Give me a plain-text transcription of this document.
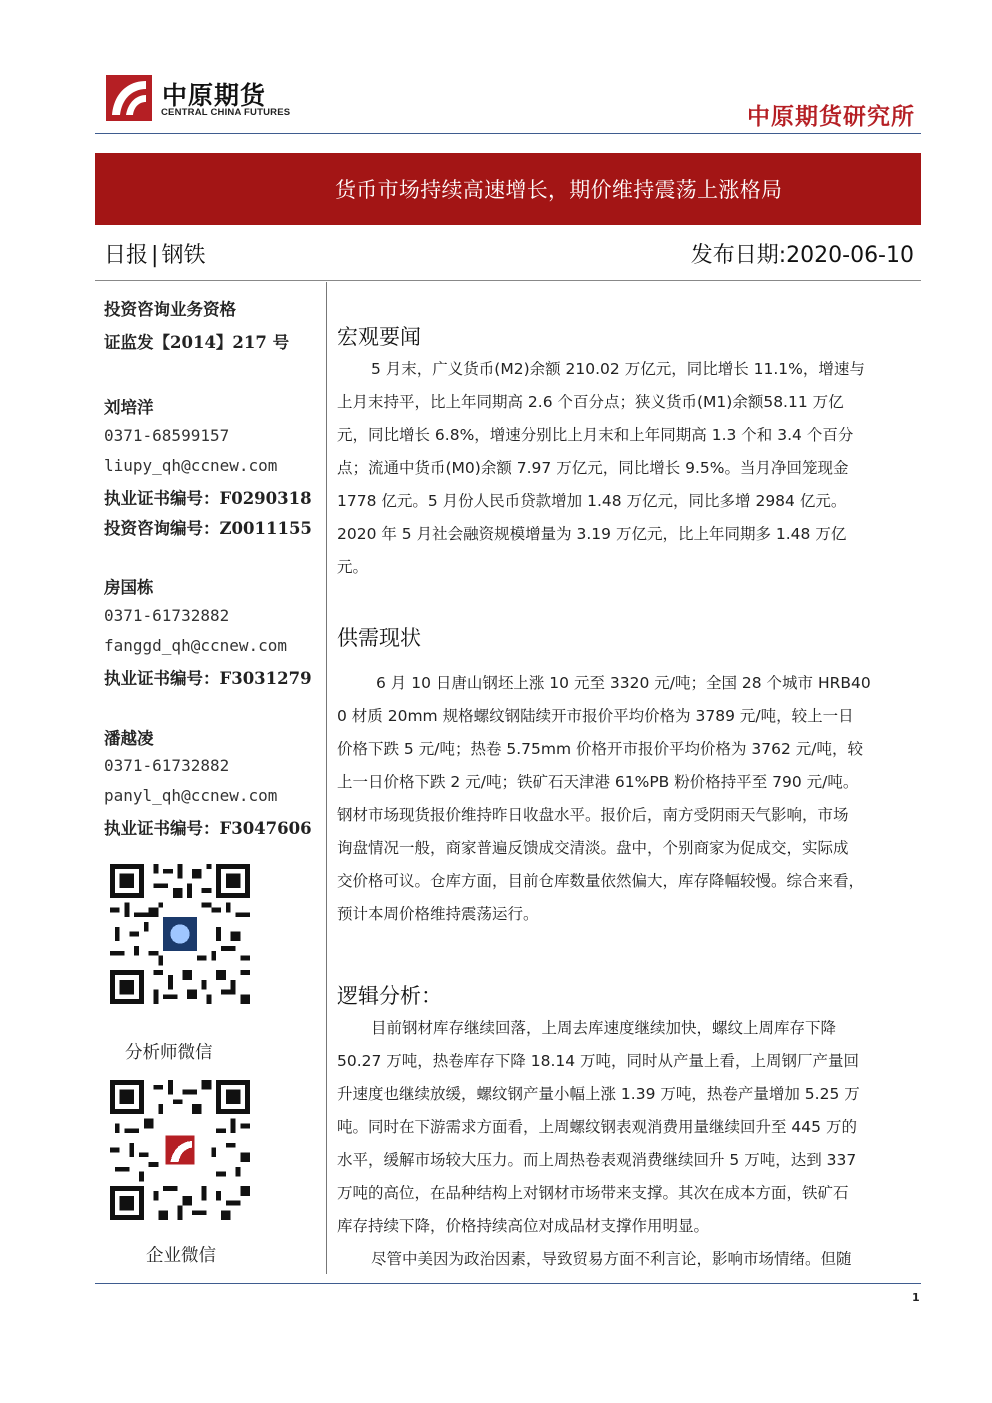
中原期货
CENTRAL CHINA FUTURES	中原期货研究所
货币市场持续高速增长，期价维持震荡上涨格局
日报 | 钢铁	发布日期:2020-06-10
投资咨询业务资格
证监发【2014】217 号
刘培洋
0371-68599157
liupy_qh@ccnew.com
执业证书编号：F0290318
投资咨询编号：Z0011155
房国栋
0371-61732882
fanggd_qh@ccnew.com
执业证书编号：F3031279
潘越凌
0371-61732882
panyl_qh@ccnew.com
执业证书编号：F3047606
分析师微信
企业微信
宏观要闻
5 月末，广义货币(M2)余额 210.02 万亿元，同比增长 11.1%，增速与
上月末持平，比上年同期高 2.6 个百分点；狭义货币(M1)余额58.11 万亿
元，同比增长 6.8%，增速分别比上月末和上年同期高 1.3 个和 3.4 个百分
点；流通中货币(M0)余额 7.97 万亿元，同比增长 9.5%。当月净回笼现金
1778 亿元。5 月份人民币贷款增加 1.48 万亿元，同比多增 2984 亿元。
2020 年 5 月社会融资规模增量为 3.19 万亿元，比上年同期多 1.48 万亿
元。
供需现状
6 月 10 日唐山钢坯上涨 10 元至 3320 元/吨；全国 28 个城市 HRB40
0 材质 20mm 规格螺纹钢陆续开市报价平均价格为 3789 元/吨，较上一日
价格下跌 5 元/吨；热卷 5.75mm 价格开市报价平均价格为 3762 元/吨，较
上一日价格下跌 2 元/吨；铁矿石天津港 61%PB 粉价格持平至 790 元/吨。
钢材市场现货报价维持昨日收盘水平。报价后，南方受阴雨天气影响，市场
询盘情况一般，商家普遍反馈成交清淡。盘中，个别商家为促成交，实际成
交价格可议。仓库方面，目前仓库数量依然偏大，库存降幅较慢。综合来看，
预计本周价格维持震荡运行。
逻辑分析：
目前钢材库存继续回落，上周去库速度继续加快，螺纹上周库存下降
50.27 万吨，热卷库存下降 18.14 万吨，同时从产量上看，上周钢厂产量回
升速度也继续放缓，螺纹钢产量小幅上涨 1.39 万吨，热卷产量增加 5.25 万
吨。同时在下游需求方面看，上周螺纹钢表观消费用量继续回升至 445 万的
水平，缓解市场较大压力。而上周热卷表观消费继续回升 5 万吨，达到 337
万吨的高位，在品种结构上对钢材市场带来支撑。其次在成本方面，铁矿石
库存持续下降，价格持续高位对成品材支撑作用明显。
尽管中美因为政治因素，导致贸易方面不利言论，影响市场情绪。但随
1
